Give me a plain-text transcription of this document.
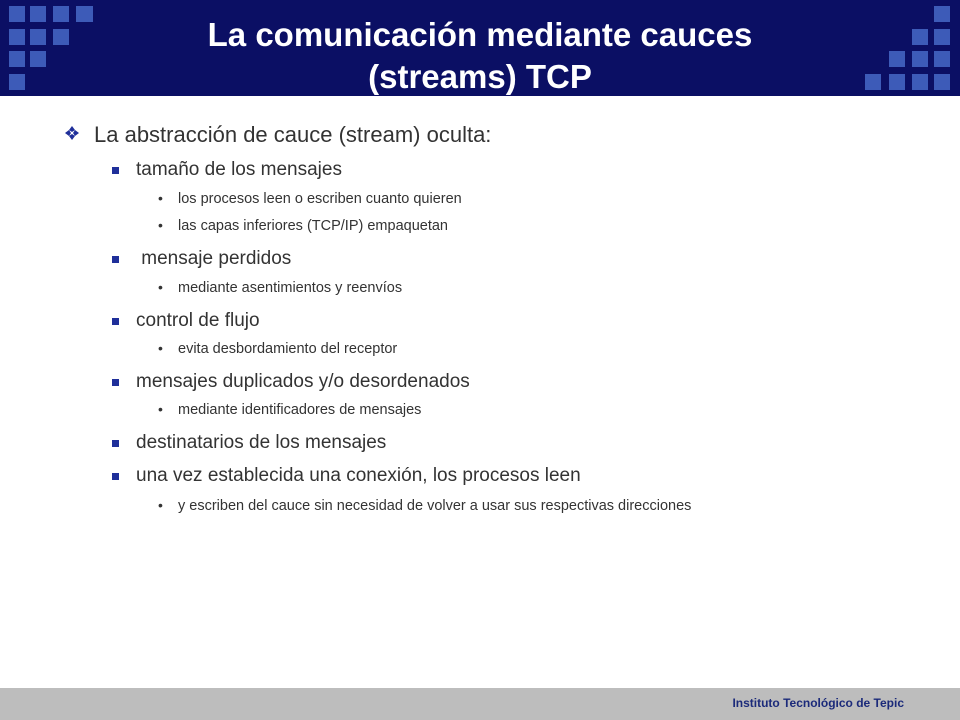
La comunicación mediante cauces
(streams) TCP
La abstracción de cauce (stream) oculta:
tamaño de los mensajes
• los procesos leen o escriben cuanto quieren
• las capas inferiores (TCP/IP) empaquetan
mensaje perdidos
• mediante asentimientos y reenvíos
control de flujo
• evita desbordamiento del receptor
mensajes duplicados y/o desordenados
• mediante identificadores de mensajes
destinatarios de los mensajes
una vez establecida una conexión, los procesos leen
• y escriben del cauce sin necesidad de volver a usar sus respectivas direcciones
Instituto Tecnológico de Tepic
